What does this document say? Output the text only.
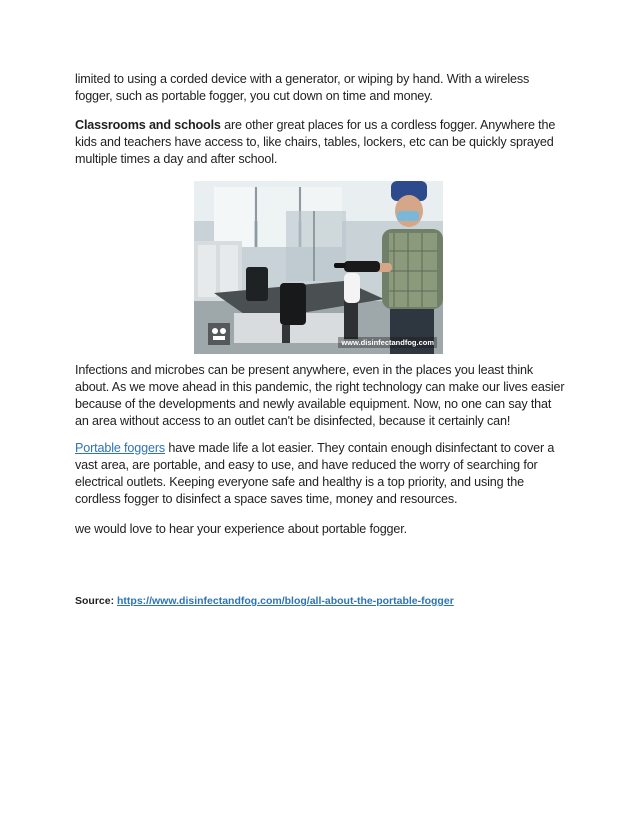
limited to using a corded device with a generator, or wiping by hand. With a wireless fogger, such as portable fogger, you cut down on time and money.

Classrooms and schools are other great places for us a cordless fogger. Anywhere the kids and teachers have access to, like chairs, tables, lockers, etc can be quickly sprayed multiple times a day and after school.

www.disinfectandfog.com

Infections and microbes can be present anywhere, even in the places you least think about. As we move ahead in this pandemic, the right technology can make our lives easier because of the developments and newly available equipment. Now, no one can say that an area without access to an outlet can't be disinfected, because it certainly can!

Portable foggers have made life a lot easier. They contain enough disinfectant to cover a vast area, are portable, and easy to use, and have reduced the worry of searching for electrical outlets. Keeping everyone safe and healthy is a top priority, and using the cordless fogger to disinfect a space saves time, money and resources.

we would love to hear your experience about portable fogger.

Source: https://www.disinfectandfog.com/blog/all-about-the-portable-fogger
